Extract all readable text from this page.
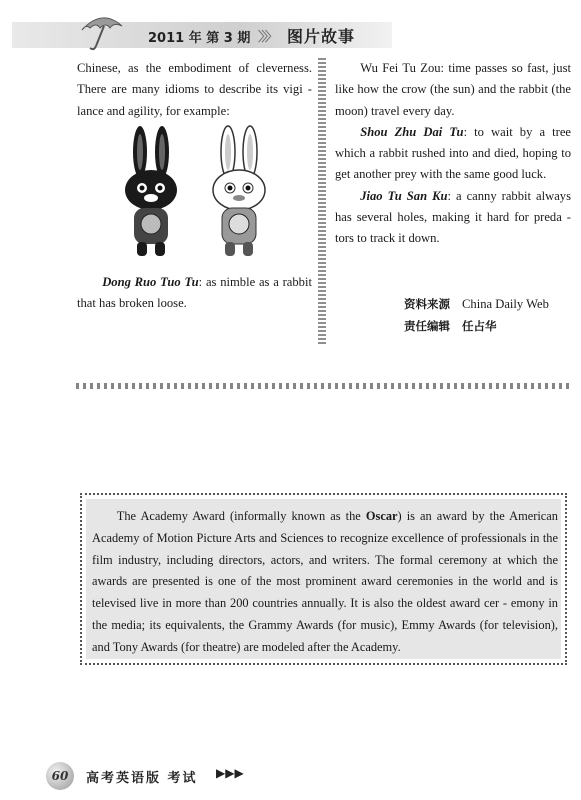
2011 年 第 3 期 〉〉〉 图片故事

Chinese, as the embodiment of cleverness. There are many idioms to describe its vigi - lance and agility, for example:

Dong Ruo Tuo Tu: as nimble as a rabbit that has broken loose.

Wu Fei Tu Zou: time passes so fast, just like how the crow (the sun) and the rabbit (the moon) travel every day.

Shou Zhu Dai Tu: to wait by a tree which a rabbit rushed into and died, hoping to get another prey with the same good luck.

Jiao Tu San Ku: a canny rabbit always has several holes, making it hard for preda - tors to track it down.

资料来源 China Daily Web
责任编辑 任占华

The Academy Award (informally known as the Oscar) is an award by the American Academy of Motion Picture Arts and Sciences to recognize excellence of professionals in the film industry, including directors, actors, and writers. The formal ceremony at which the awards are presented is one of the most prominent award ceremonies in the world and is televised live in more than 200 countries annually. It is also the oldest award cer - emony in the media; its equivalents, the Grammy Awards (for music), Emmy Awards (for television), and Tony Awards (for theatre) are modeled after the Academy.

60	高考英语版 考试 ▶▶▶
